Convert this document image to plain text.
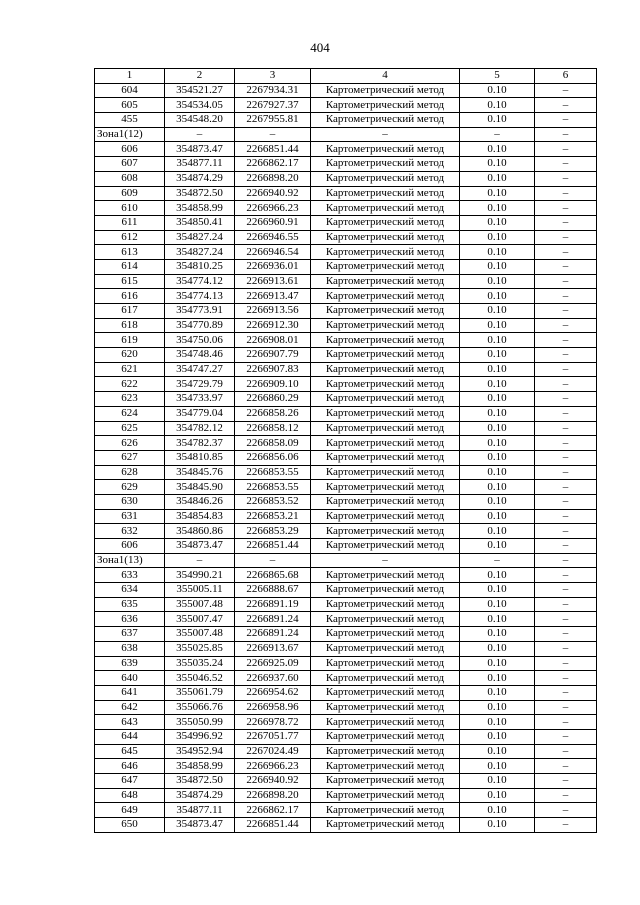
404
1	2	3	4	5	6
604	354521.27	2267934.31	Картометрический метод	0.10	–
605	354534.05	2267927.37	Картометрический метод	0.10	–
455	354548.20	2267955.81	Картометрический метод	0.10	–
Зона1(12)	–	–	–	–	–
606	354873.47	2266851.44	Картометрический метод	0.10	–
607	354877.11	2266862.17	Картометрический метод	0.10	–
608	354874.29	2266898.20	Картометрический метод	0.10	–
609	354872.50	2266940.92	Картометрический метод	0.10	–
610	354858.99	2266966.23	Картометрический метод	0.10	–
611	354850.41	2266960.91	Картометрический метод	0.10	–
612	354827.24	2266946.55	Картометрический метод	0.10	–
613	354827.24	2266946.54	Картометрический метод	0.10	–
614	354810.25	2266936.01	Картометрический метод	0.10	–
615	354774.12	2266913.61	Картометрический метод	0.10	–
616	354774.13	2266913.47	Картометрический метод	0.10	–
617	354773.91	2266913.56	Картометрический метод	0.10	–
618	354770.89	2266912.30	Картометрический метод	0.10	–
619	354750.06	2266908.01	Картометрический метод	0.10	–
620	354748.46	2266907.79	Картометрический метод	0.10	–
621	354747.27	2266907.83	Картометрический метод	0.10	–
622	354729.79	2266909.10	Картометрический метод	0.10	–
623	354733.97	2266860.29	Картометрический метод	0.10	–
624	354779.04	2266858.26	Картометрический метод	0.10	–
625	354782.12	2266858.12	Картометрический метод	0.10	–
626	354782.37	2266858.09	Картометрический метод	0.10	–
627	354810.85	2266856.06	Картометрический метод	0.10	–
628	354845.76	2266853.55	Картометрический метод	0.10	–
629	354845.90	2266853.55	Картометрический метод	0.10	–
630	354846.26	2266853.52	Картометрический метод	0.10	–
631	354854.83	2266853.21	Картометрический метод	0.10	–
632	354860.86	2266853.29	Картометрический метод	0.10	–
606	354873.47	2266851.44	Картометрический метод	0.10	–
Зона1(13)	–	–	–	–	–
633	354990.21	2266865.68	Картометрический метод	0.10	–
634	355005.11	2266888.67	Картометрический метод	0.10	–
635	355007.48	2266891.19	Картометрический метод	0.10	–
636	355007.47	2266891.24	Картометрический метод	0.10	–
637	355007.48	2266891.24	Картометрический метод	0.10	–
638	355025.85	2266913.67	Картометрический метод	0.10	–
639	355035.24	2266925.09	Картометрический метод	0.10	–
640	355046.52	2266937.60	Картометрический метод	0.10	–
641	355061.79	2266954.62	Картометрический метод	0.10	–
642	355066.76	2266958.96	Картометрический метод	0.10	–
643	355050.99	2266978.72	Картометрический метод	0.10	–
644	354996.92	2267051.77	Картометрический метод	0.10	–
645	354952.94	2267024.49	Картометрический метод	0.10	–
646	354858.99	2266966.23	Картометрический метод	0.10	–
647	354872.50	2266940.92	Картометрический метод	0.10	–
648	354874.29	2266898.20	Картометрический метод	0.10	–
649	354877.11	2266862.17	Картометрический метод	0.10	–
650	354873.47	2266851.44	Картометрический метод	0.10	–
